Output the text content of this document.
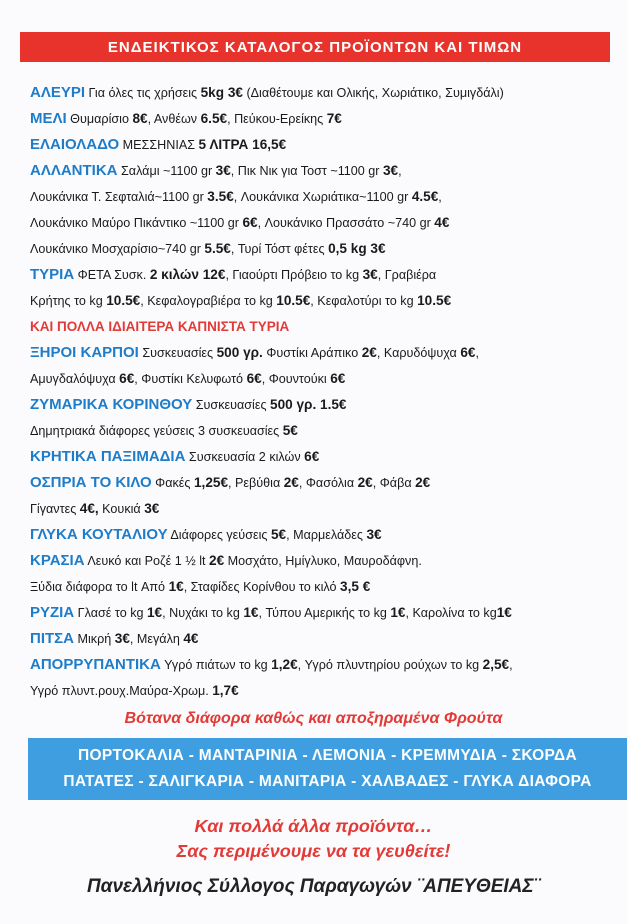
ΕΝΔΕΙΚΤΙΚΟΣ ΚΑΤΑΛΟΓΟΣ ΠΡΟΪΟΝΤΩΝ ΚΑΙ ΤΙΜΩΝ
ΑΛΕΥΡΙ Για όλες τις χρήσεις 5kg 3€ (Διαθέτουμε και Ολικής, Χωριάτικο, Συμιγδάλι)
ΜΕΛΙ Θυμαρίσιο 8€, Ανθέων 6.5€, Πεύκου-Ερείκης 7€
ΕΛΑΙΟΛΑΔΟ ΜΕΣΣΗΝΙΑΣ 5 ΛΙΤΡΑ 16,5€
ΑΛΛΑΝΤΙΚΑ Σαλάμι ~1100 gr 3€, Πικ Νικ για Τοστ ~1100 gr 3€,
Λουκάνικα Τ. Σεφταλιά~1100 gr 3.5€, Λουκάνικα Χωριάτικα~1100 gr 4.5€,
Λουκάνικο Μαύρο Πικάντικο ~1100 gr 6€, Λουκάνικο Πρασσάτο ~740 gr 4€
Λουκάνικο Μοσχαρίσιο~740 gr 5.5€, Τυρί Τόστ φέτες 0,5 kg 3€
ΤΥΡΙΑ ΦΕΤΑ Συσκ. 2 κιλών 12€, Γιαούρτι Πρόβειο το kg 3€, Γραβιέρα
Κρήτης το kg 10.5€, Κεφαλογραβιέρα το kg 10.5€, Κεφαλοτύρι το kg 10.5€
ΚΑΙ ΠΟΛΛΑ ΙΔΙΑΙΤΕΡΑ ΚΑΠΝΙΣΤΑ ΤΥΡΙΑ
ΞΗΡΟΙ ΚΑΡΠΟΙ Συσκευασίες 500 γρ. Φυστίκι Αράπικο 2€, Καρυδόψυχα 6€,
Αμυγδαλόψυχα 6€, Φυστίκι Κελυφωτό 6€, Φουντούκι 6€
ΖΥΜΑΡΙΚΑ ΚΟΡΙΝΘΟΥ Συσκευασίες 500 γρ. 1.5€
Δημητριακά διάφορες γεύσεις 3 συσκευασίες 5€
ΚΡΗΤΙΚΑ ΠΑΞΙΜΑΔΙΑ Συσκευασία 2 κιλών 6€
ΟΣΠΡΙΑ ΤΟ ΚΙΛΟ Φακές 1,25€, Ρεβύθια 2€, Φασόλια 2€, Φάβα 2€
Γίγαντες 4€, Κουκιά 3€
ΓΛΥΚΑ ΚΟΥΤΑΛΙΟΥ Διάφορες γεύσεις 5€, Μαρμελάδες 3€
ΚΡΑΣΙΑ Λευκό και Ροζέ 1 ½ lt 2€ Μοσχάτο, Ημίγλυκο, Μαυροδάφνη.
Ξύδια διάφορα το lt Από 1€, Σταφίδες Κορίνθου το κιλό 3,5 €
ΡΥΖΙΑ Γλασέ το kg 1€, Νυχάκι το kg 1€, Τύπου Αμερικής το kg 1€, Καρολίνα το kg1€
ΠΙΤΣΑ Μικρή 3€, Μεγάλη 4€
ΑΠΟΡΡΥΠΑΝΤΙΚΑ Υγρό πιάτων το kg 1,2€, Υγρό πλυντηρίου ρούχων το kg 2,5€,
Υγρό πλυντ.ρουχ.Μαύρα-Χρωμ. 1,7€
Βότανα διάφορα καθώς και αποξηραμένα Φρούτα
ΠΟΡΤΟΚΑΛΙΑ - ΜΑΝΤΑΡΙΝΙΑ - ΛΕΜΟΝΙΑ - ΚΡΕΜΜΥΔΙΑ - ΣΚΟΡΔΑ
ΠΑΤΑΤΕΣ - ΣΑΛΙΓΚΑΡΙΑ - ΜΑΝΙΤΑΡΙΑ - ΧΑΛΒΑΔΕΣ - ΓΛΥΚΑ ΔΙΑΦΟΡΑ
Και πολλά άλλα προϊόντα…
Σας περιμένουμε να τα γευθείτε!
Πανελλήνιος Σύλλογος Παραγωγών ¨ΑΠΕΥΘΕΙΑΣ¨
